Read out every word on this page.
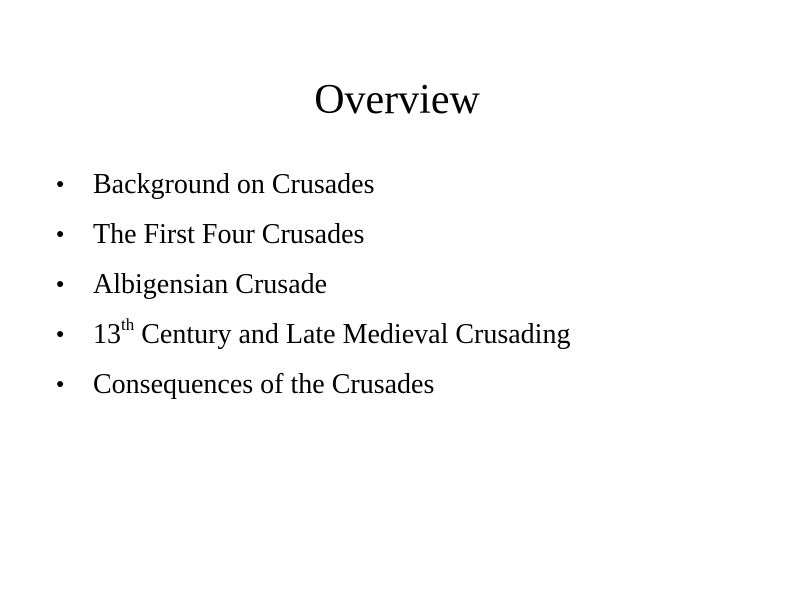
Overview
● Background on Crusades
● The First Four Crusades
● Albigensian Crusade
● 13th Century and Late Medieval Crusading
● Consequences of the Crusades
